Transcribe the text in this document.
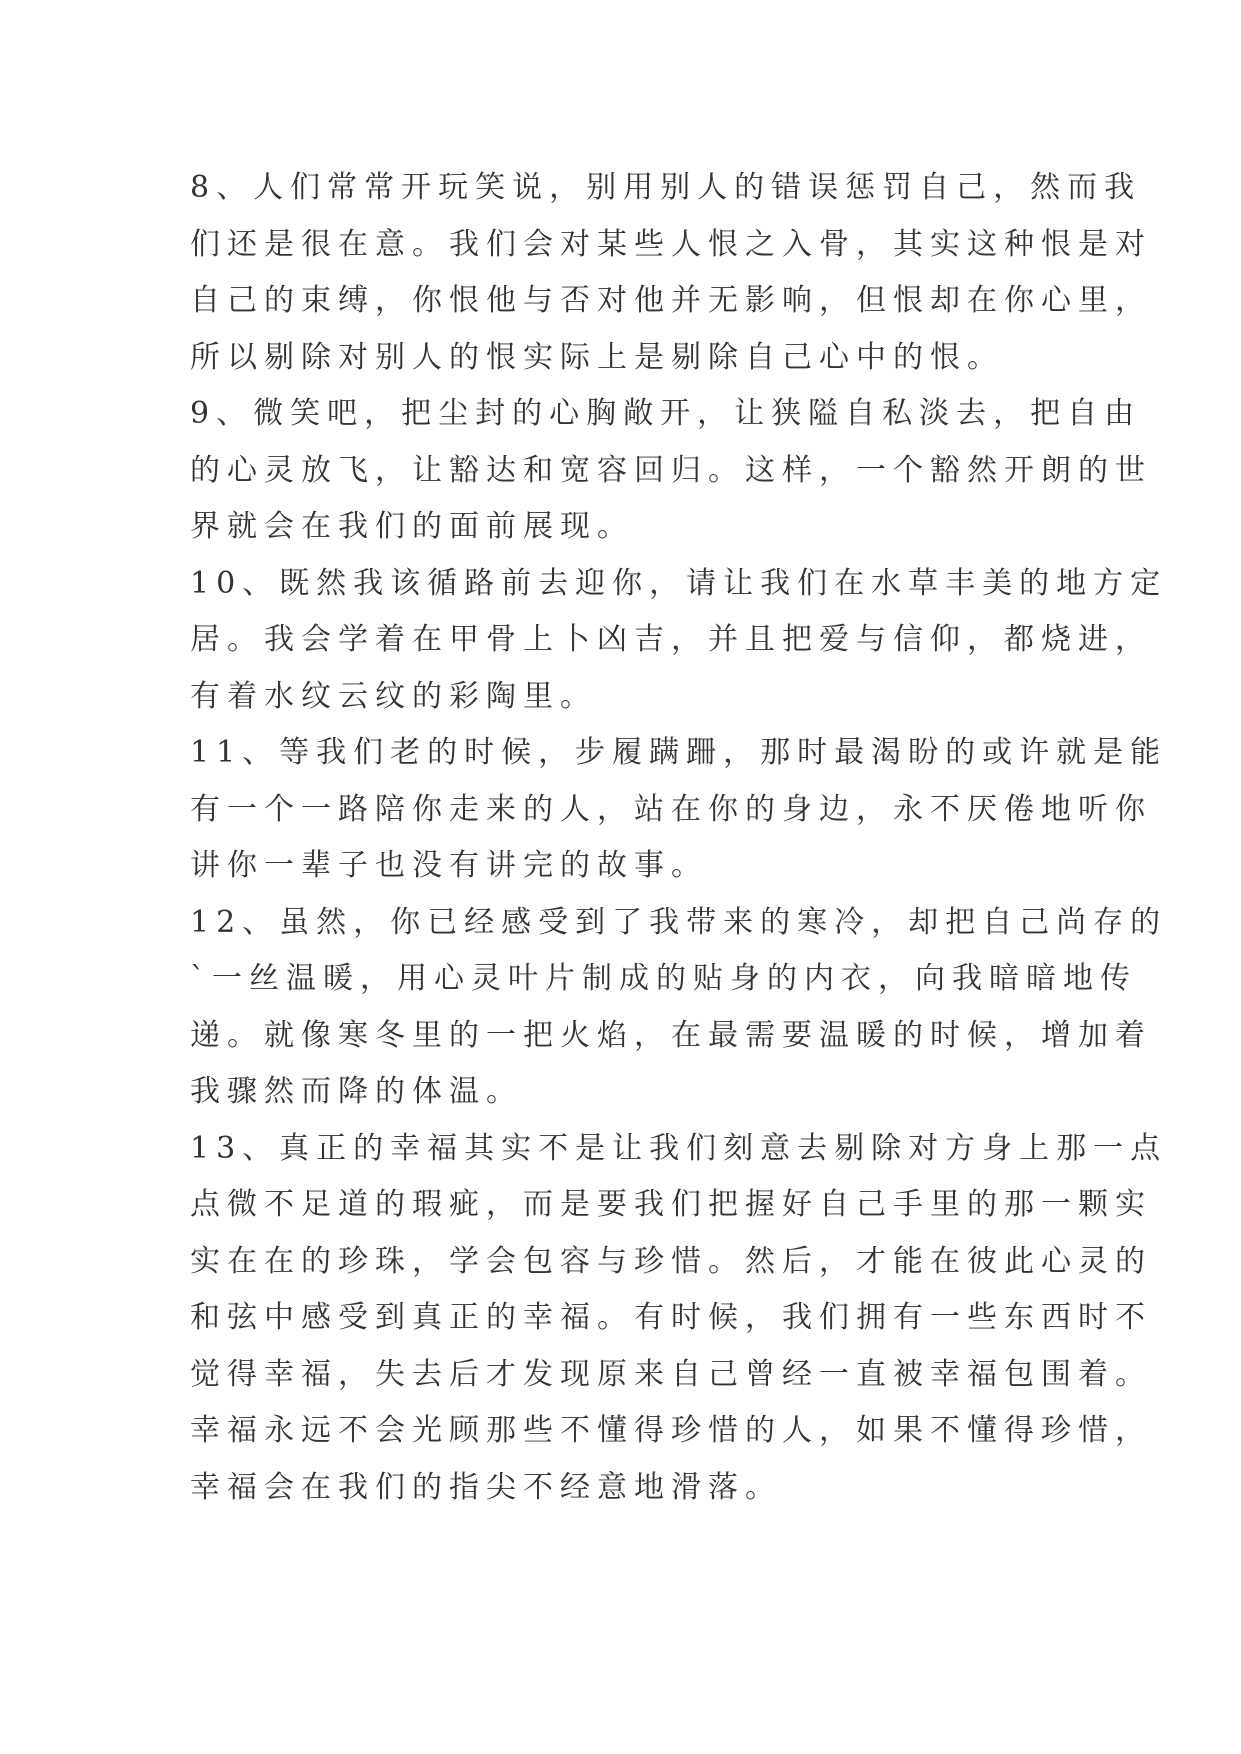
8、人们常常开玩笑说，别用别人的错误惩罚自己，然而我
们还是很在意。我们会对某些人恨之入骨，其实这种恨是对
自己的束缚，你恨他与否对他并无影响，但恨却在你心里，
所以剔除对别人的恨实际上是剔除自己心中的恨。

9、微笑吧，把尘封的心胸敞开，让狭隘自私淡去，把自由
的心灵放飞，让豁达和宽容回归。这样，一个豁然开朗的世
界就会在我们的面前展现。

10、既然我该循路前去迎你，请让我们在水草丰美的地方定
居。我会学着在甲骨上卜凶吉，并且把爱与信仰，都烧进，
有着水纹云纹的彩陶里。

11、等我们老的时候，步履蹒跚，那时最渴盼的或许就是能
有一个一路陪你走来的人，站在你的身边，永不厌倦地听你
讲你一辈子也没有讲完的故事。

12、虽然，你已经感受到了我带来的寒冷，却把自己尚存的
`一丝温暖，用心灵叶片制成的贴身的内衣，向我暗暗地传
递。就像寒冬里的一把火焰，在最需要温暖的时候，增加着
我骤然而降的体温。

13、真正的幸福其实不是让我们刻意去剔除对方身上那一点
点微不足道的瑕疵，而是要我们把握好自己手里的那一颗实
实在在的珍珠，学会包容与珍惜。然后，才能在彼此心灵的
和弦中感受到真正的幸福。有时候，我们拥有一些东西时不
觉得幸福，失去后才发现原来自己曾经一直被幸福包围着。
幸福永远不会光顾那些不懂得珍惜的人，如果不懂得珍惜，
幸福会在我们的指尖不经意地滑落。
